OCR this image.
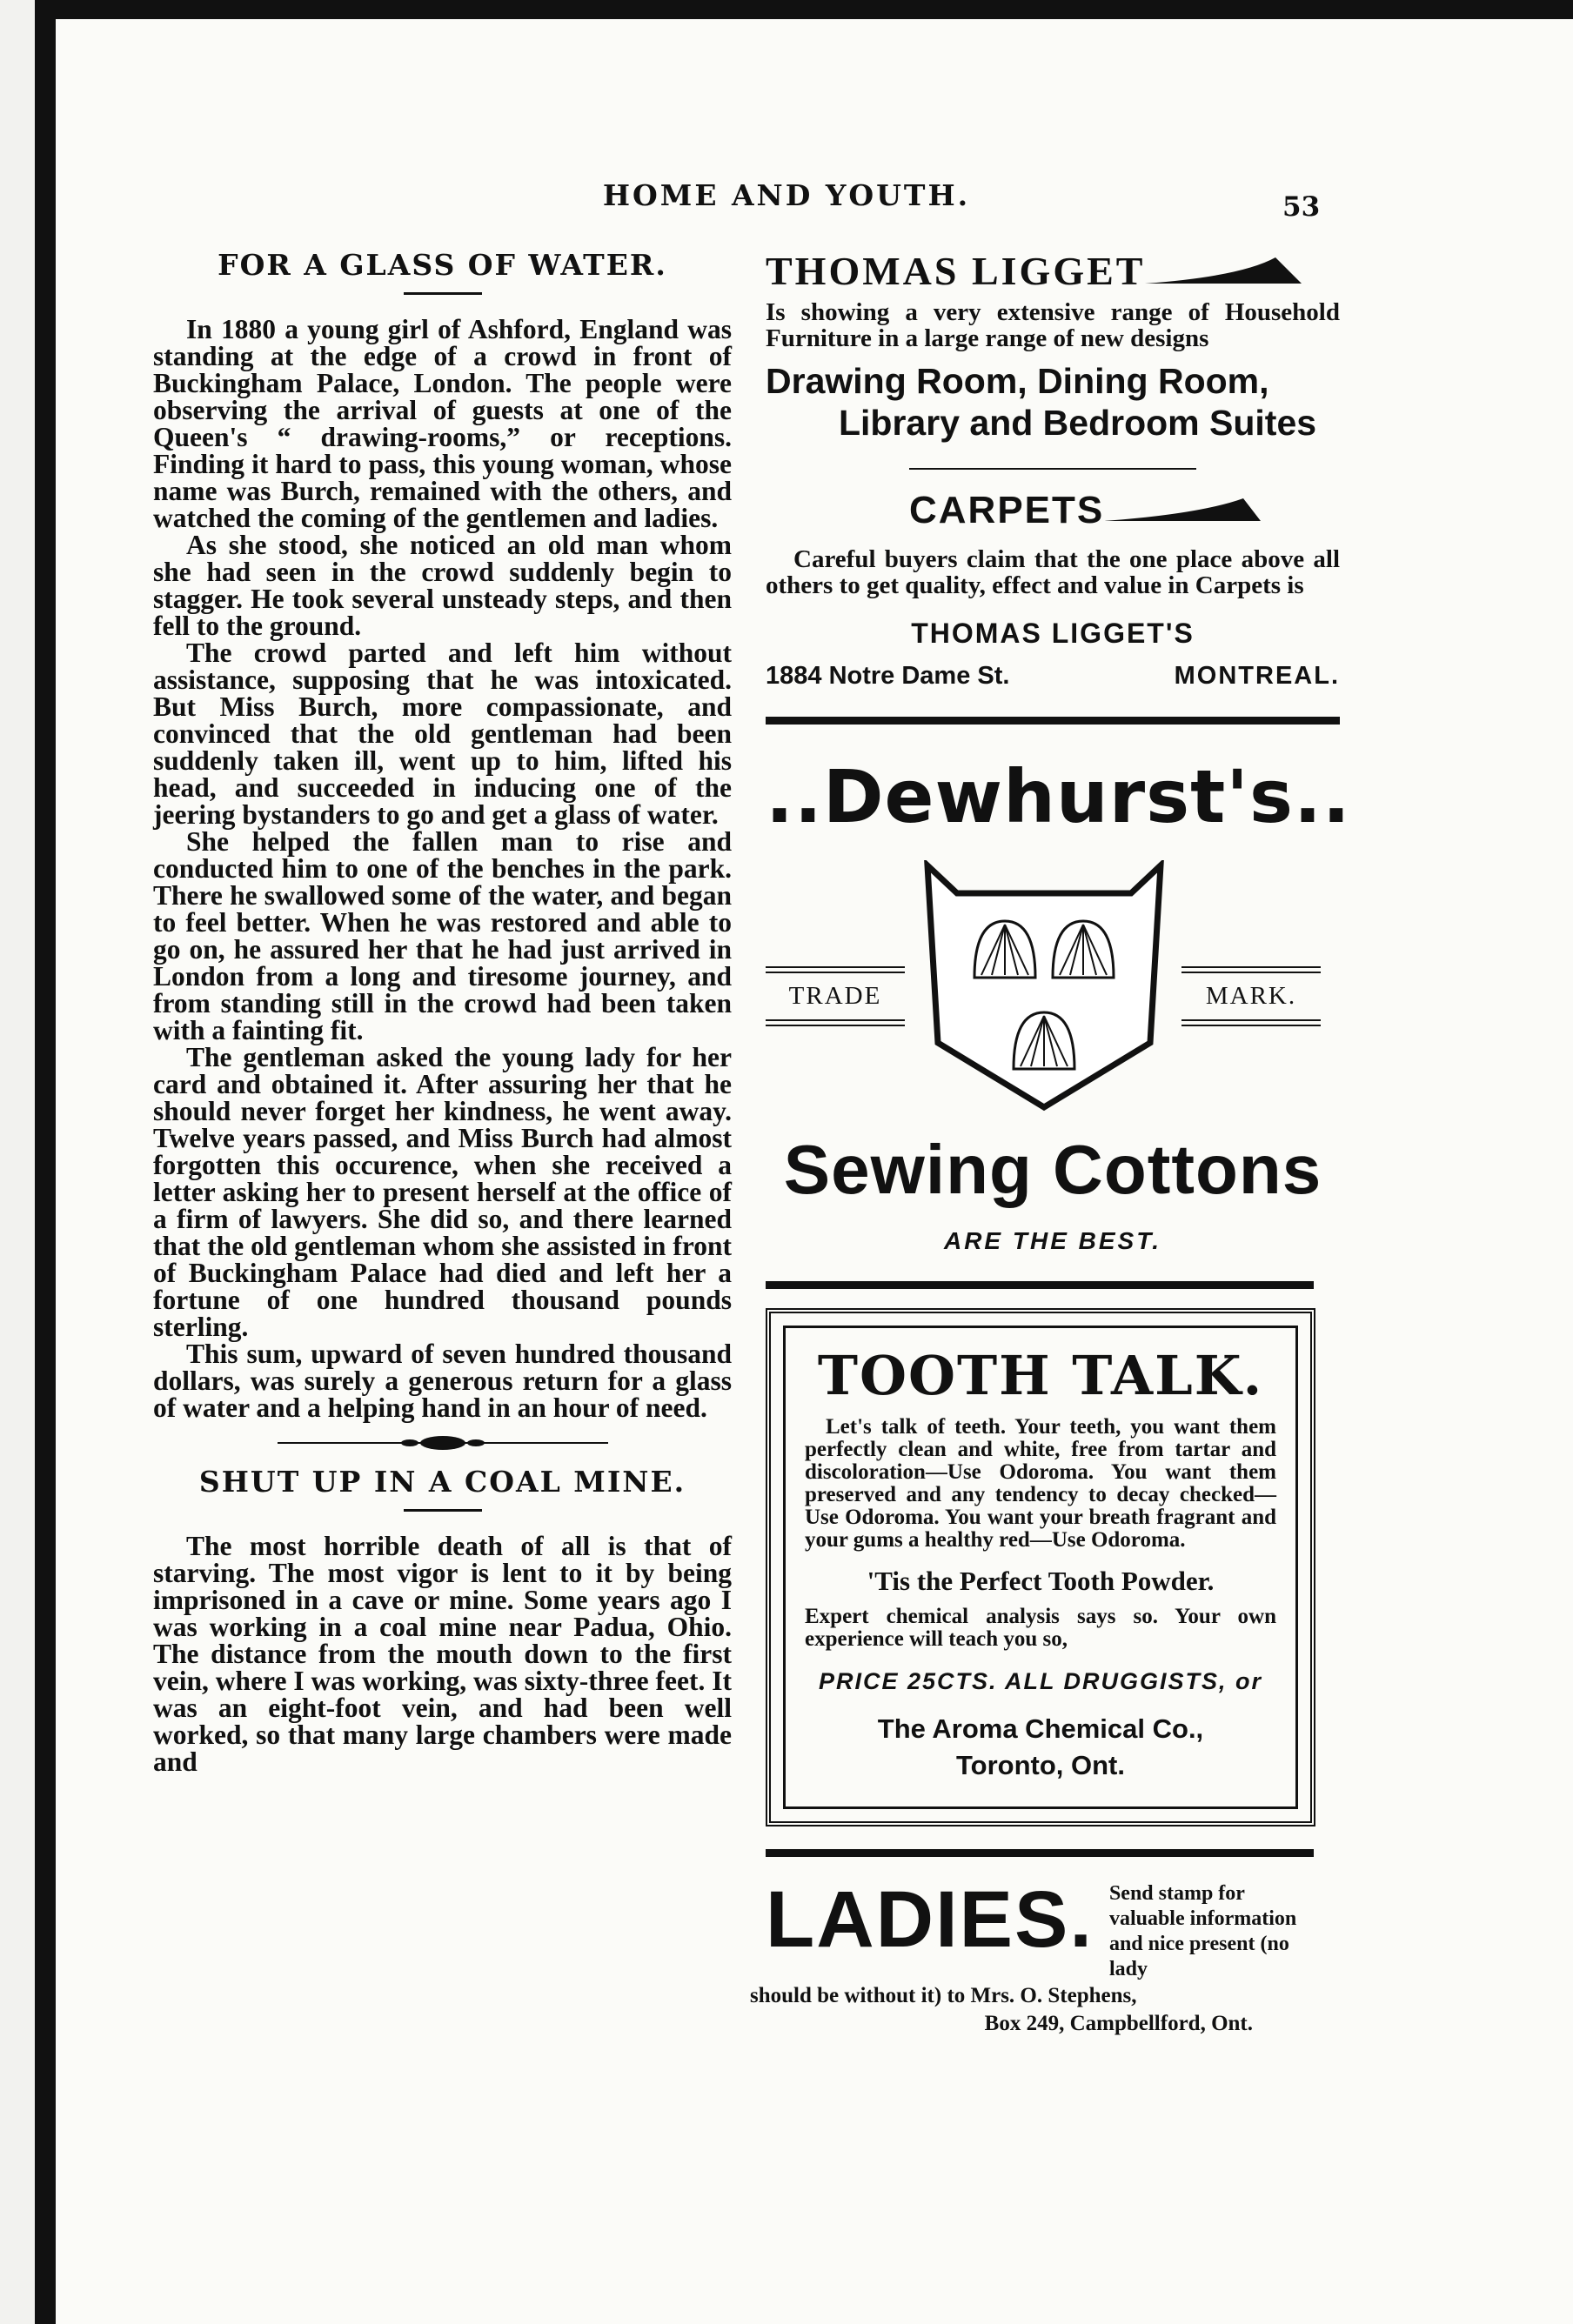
HOME AND YOUTH.	53
FOR A GLASS OF WATER.

In 1880 a young girl of Ashford, England was standing at the edge of a crowd in front of Buckingham Palace, London. The people were observing the arrival of guests at one of the Queen's “ drawing-rooms,” or receptions. Finding it hard to pass, this young woman, whose name was Burch, remained with the others, and watched the coming of the gentlemen and ladies.

As she stood, she noticed an old man whom she had seen in the crowd suddenly begin to stagger. He took several unsteady steps, and then fell to the ground.

The crowd parted and left him without assistance, supposing that he was intoxicated. But Miss Burch, more compassionate, and convinced that the old gentleman had been suddenly taken ill, went up to him, lifted his head, and succeeded in inducing one of the jeering bystanders to go and get a glass of water.

She helped the fallen man to rise and conducted him to one of the benches in the park. There he swallowed some of the water, and began to feel better. When he was restored and able to go on, he assured her that he had just arrived in London from a long and tiresome journey, and from standing still in the crowd had been taken with a fainting fit.

The gentleman asked the young lady for her card and obtained it. After assuring her that he should never forget her kindness, he went away. Twelve years passed, and Miss Burch had almost forgotten this occurence, when she received a letter asking her to present herself at the office of a firm of lawyers. She did so, and there learned that the old gentleman whom she assisted in front of Buckingham Palace had died and left her a fortune of one hundred thousand pounds sterling.

This sum, upward of seven hundred thousand dollars, was surely a generous return for a glass of water and a helping hand in an hour of need.

SHUT UP IN A COAL MINE.

The most horrible death of all is that of starving. The most vigor is lent to it by being imprisoned in a cave or mine. Some years ago I was working in a coal mine near Padua, Ohio. The distance from the mouth down to the first vein, where I was working, was sixty-three feet. It was an eight-foot vein, and had been well worked, so that many large chambers were made and

THOMAS LIGGET

Is showing a very extensive range of Household Furniture in a large range of new designs

Drawing Room, Dining Room,
Library and Bedroom Suites
CARPETS

Careful buyers claim that the one place above all others to get quality, effect and value in Carpets is

THOMAS LIGGET'S
1884 Notre Dame St.	MONTREAL.
..Dewhurst's..
TRADE	MARK.
Sewing Cottons
ARE THE BEST.
TOOTH TALK.

Let's talk of teeth. Your teeth, you want them perfectly clean and white, free from tartar and discoloration—Use Odoroma. You want them preserved and any tendency to decay checked—Use Odoroma. You want your breath fragrant and your gums a healthy red—Use Odoroma.

'Tis the Perfect Tooth Powder.

Expert chemical analysis says so. Your own experience will teach you so,

PRICE 25CTS. ALL DRUGGISTS, or

The Aroma Chemical Co.,

Toronto, Ont.

LADIES. Send stamp for valuable information and nice present (no lady

should be without it) to Mrs. O. Stephens,

Box 249, Campbellford, Ont.
